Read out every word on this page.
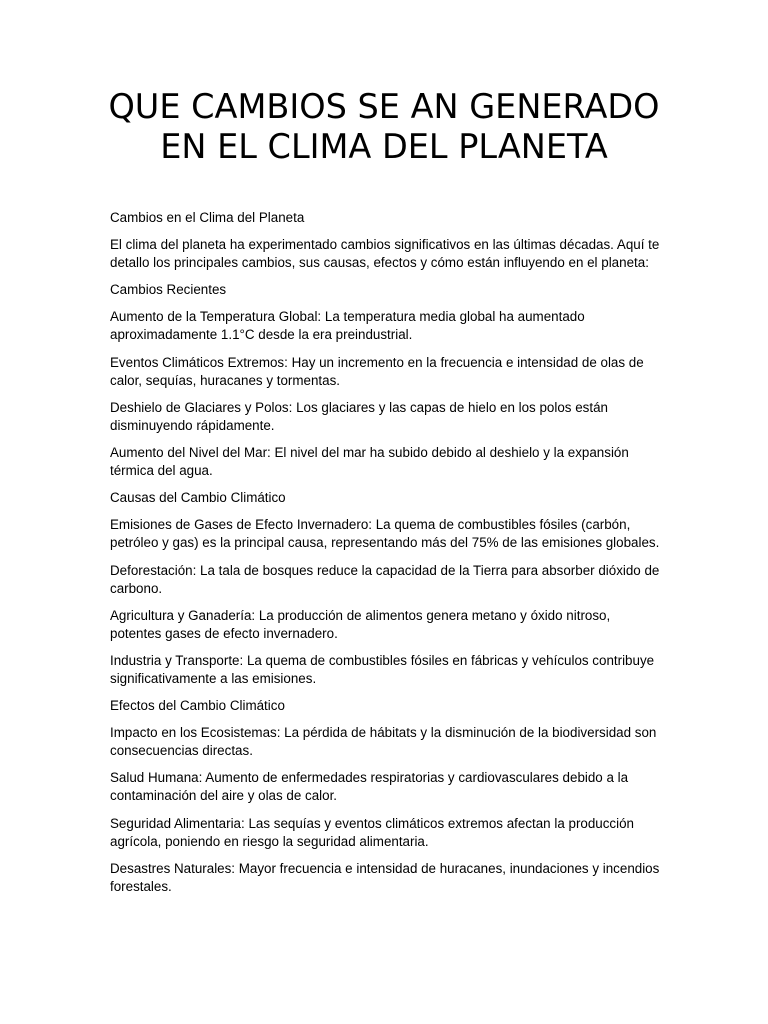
QUE CAMBIOS SE AN GENERADO EN EL CLIMA DEL PLANETA

Cambios en el Clima del Planeta

El clima del planeta ha experimentado cambios significativos en las últimas décadas. Aquí te detallo los principales cambios, sus causas, efectos y cómo están influyendo en el planeta:

Cambios Recientes

Aumento de la Temperatura Global: La temperatura media global ha aumentado aproximadamente 1.1°C desde la era preindustrial.

Eventos Climáticos Extremos: Hay un incremento en la frecuencia e intensidad de olas de calor, sequías, huracanes y tormentas.

Deshielo de Glaciares y Polos: Los glaciares y las capas de hielo en los polos están disminuyendo rápidamente.

Aumento del Nivel del Mar: El nivel del mar ha subido debido al deshielo y la expansión térmica del agua.

Causas del Cambio Climático

Emisiones de Gases de Efecto Invernadero: La quema de combustibles fósiles (carbón, petróleo y gas) es la principal causa, representando más del 75% de las emisiones globales.

Deforestación: La tala de bosques reduce la capacidad de la Tierra para absorber dióxido de carbono.

Agricultura y Ganadería: La producción de alimentos genera metano y óxido nitroso, potentes gases de efecto invernadero.

Industria y Transporte: La quema de combustibles fósiles en fábricas y vehículos contribuye significativamente a las emisiones.

Efectos del Cambio Climático

Impacto en los Ecosistemas: La pérdida de hábitats y la disminución de la biodiversidad son consecuencias directas.

Salud Humana: Aumento de enfermedades respiratorias y cardiovasculares debido a la contaminación del aire y olas de calor.

Seguridad Alimentaria: Las sequías y eventos climáticos extremos afectan la producción agrícola, poniendo en riesgo la seguridad alimentaria.

Desastres Naturales: Mayor frecuencia e intensidad de huracanes, inundaciones y incendios forestales.
